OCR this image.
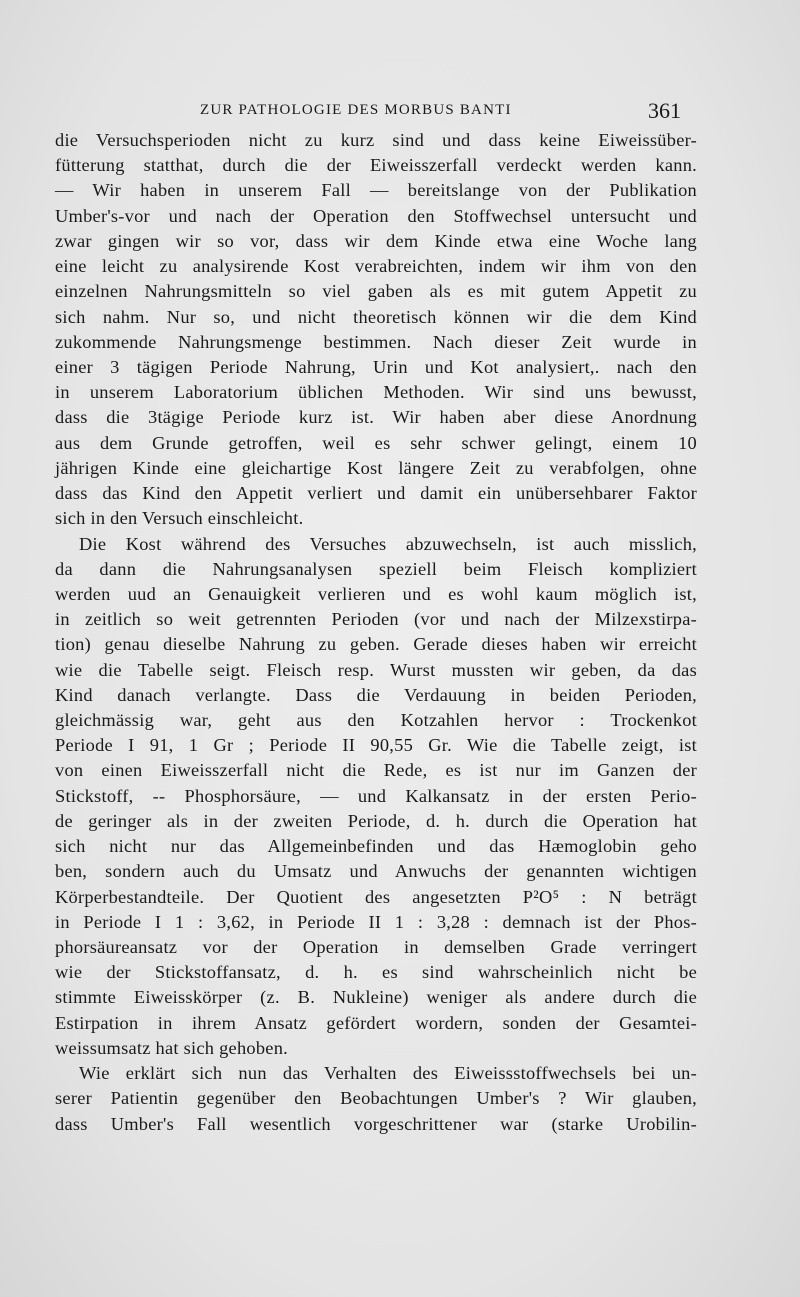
ZUR PATHOLOGIE DES MORBUS BANTI	361
die Versuchsperioden nicht zu kurz sind und dass keine Eiweissüber-
fütterung statthat, durch die der Eiweisszerfall verdeckt werden kann.
— Wir haben in unserem Fall — bereitslange von der Publikation
Umber's-vor und nach der Operation den Stoffwechsel untersucht und
zwar gingen wir so vor, dass wir dem Kinde etwa eine Woche lang
eine leicht zu analysirende Kost verabreichten, indem wir ihm von den
einzelnen Nahrungsmitteln so viel gaben als es mit gutem Appetit zu
sich nahm. Nur so, und nicht theoretisch können wir die dem Kind
zukommende Nahrungsmenge bestimmen. Nach dieser Zeit wurde in
einer 3 tägigen Periode Nahrung, Urin und Kot analysiert,. nach den
in unserem Laboratorium üblichen Methoden. Wir sind uns bewusst,
dass die 3tägige Periode kurz ist. Wir haben aber diese Anordnung
aus dem Grunde getroffen, weil es sehr schwer gelingt, einem 10
jährigen Kinde eine gleichartige Kost längere Zeit zu verabfolgen, ohne
dass das Kind den Appetit verliert und damit ein unübersehbarer Faktor
sich in den Versuch einschleicht.
Die Kost während des Versuches abzuwechseln, ist auch misslich,
da dann die Nahrungsanalysen speziell beim Fleisch kompliziert
werden uud an Genauigkeit verlieren und es wohl kaum möglich ist,
in zeitlich so weit getrennten Perioden (vor und nach der Milzexstirpa-
tion) genau dieselbe Nahrung zu geben. Gerade dieses haben wir erreicht
wie die Tabelle seigt. Fleisch resp. Wurst mussten wir geben, da das
Kind danach verlangte. Dass die Verdauung in beiden Perioden,
gleichmässig war, geht aus den Kotzahlen hervor : Trockenkot
Periode I 91, 1 Gr ; Periode II 90,55 Gr. Wie die Tabelle zeigt, ist
von einen Eiweisszerfall nicht die Rede, es ist nur im Ganzen der
Stickstoff, -- Phosphorsäure, — und Kalkansatz in der ersten Perio-
de geringer als in der zweiten Periode, d. h. durch die Operation hat
sich nicht nur das Allgemeinbefinden und das Hæmoglobin geho
ben, sondern auch du Umsatz und Anwuchs der genannten wichtigen
Körperbestandteile. Der Quotient des angesetzten P²O⁵ : N beträgt
in Periode I 1 : 3,62, in Periode II 1 : 3,28 : demnach ist der Phos-
phorsäureansatz vor der Operation in demselben Grade verringert
wie der Stickstoffansatz, d. h. es sind wahrscheinlich nicht be
stimmte Eiweisskörper (z. B. Nukleine) weniger als andere durch die
Estirpation in ihrem Ansatz gefördert wordern, sonden der Gesamtei-
weissumsatz hat sich gehoben.
Wie erklärt sich nun das Verhalten des Eiweissstoffwechsels bei un-
serer Patientin gegenüber den Beobachtungen Umber's ? Wir glauben,
dass Umber's Fall wesentlich vorgeschrittener war (starke Urobilin-
